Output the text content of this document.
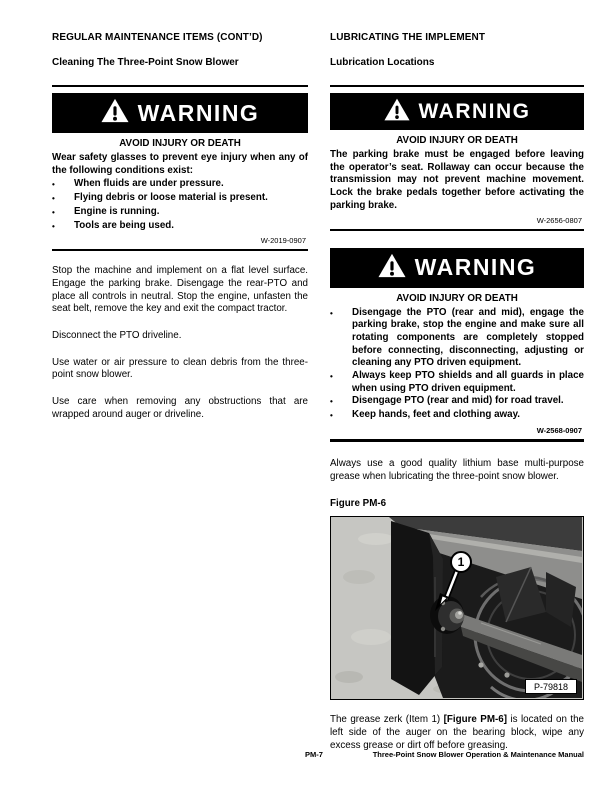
REGULAR MAINTENANCE ITEMS (CONT’D)
Cleaning The Three-Point Snow Blower
WARNING
AVOID INJURY OR DEATH
Wear safety glasses to prevent eye injury when any of the following conditions exist:
•	When fluids are under pressure.
•	Flying debris or loose material is present.
•	Engine is running.
•	Tools are being used.
W-2019-0907

Stop the machine and implement on a flat level surface. Engage the parking brake. Disengage the rear-PTO and place all controls in neutral. Stop the engine, unfasten the seat belt, remove the key and exit the compact tractor.

Disconnect the PTO driveline.

Use water or air pressure to clean debris from the three-point snow blower.

Use care when removing any obstructions that are wrapped around auger or driveline.

LUBRICATING THE IMPLEMENT
Lubrication Locations
WARNING
AVOID INJURY OR DEATH
The parking brake must be engaged before leaving the operator’s seat. Rollaway can occur because the transmission may not prevent machine movement. Lock the brake pedals together before activating the parking brake.
W-2656-0807
WARNING
AVOID INJURY OR DEATH
•	Disengage the PTO (rear and mid), engage the parking brake, stop the engine and make sure all rotating components are completely stopped before connecting, disconnecting, adjusting or cleaning any PTO driven equipment.
•	Always keep PTO shields and all guards in place when using PTO driven equipment.
•	Disengage PTO (rear and mid) for road travel.
•	Keep hands, feet and clothing away.
W-2568-0907

Always use a good quality lithium base multi-purpose grease when lubricating the three-point snow blower.

Figure PM-6
1
P-79818

The grease zerk (Item 1) [Figure PM-6] is located on the left side of the auger on the bearing block, wipe any excess grease or dirt off before greasing.

PM-7	Three-Point Snow Blower Operation & Maintenance Manual
